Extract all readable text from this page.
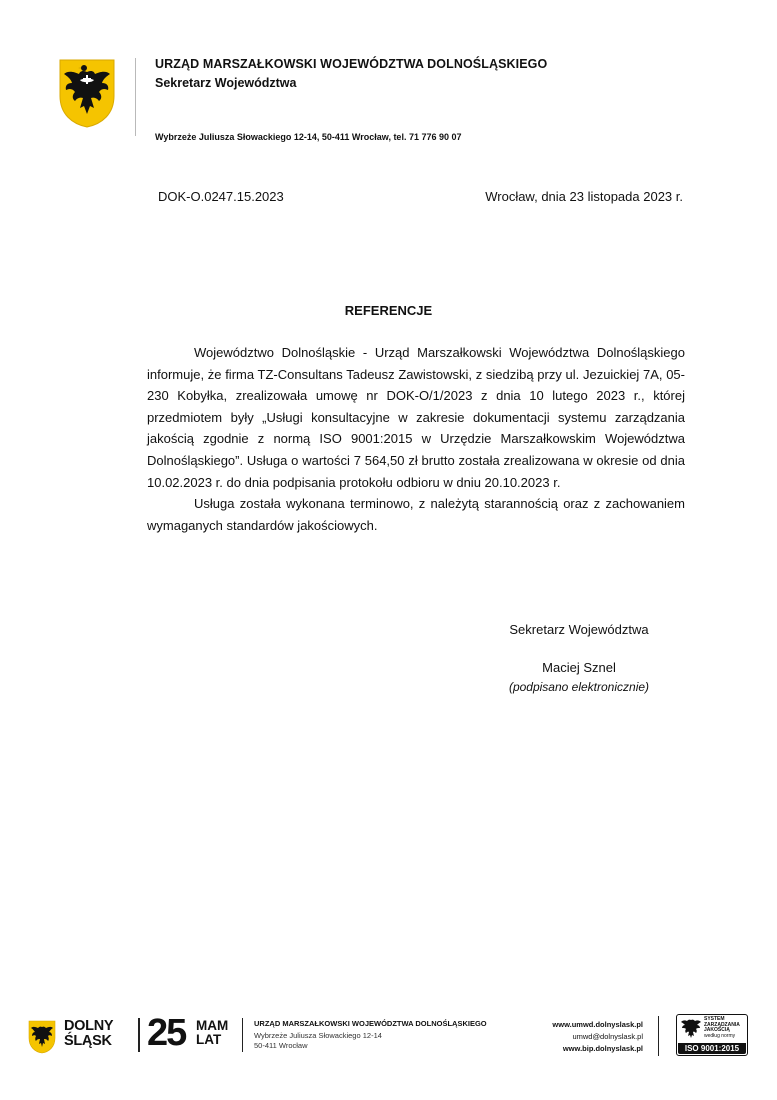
URZĄD MARSZAŁKOWSKI WOJEWÓDZTWA DOLNOŚLĄSKIEGO
Sekretarz Województwa
Wybrzeże Juliusza Słowackiego 12-14, 50-411 Wrocław, tel. 71 776 90 07
DOK-O.0247.15.2023	Wrocław, dnia 23 listopada 2023 r.
REFERENCJE

Województwo Dolnośląskie - Urząd Marszałkowski Województwa Dolnośląskiego informuje, że firma TZ-Consultans Tadeusz Zawistowski, z siedzibą przy ul. Jezuickiej 7A, 05-230 Kobyłka, zrealizowała umowę nr DOK-O/1/2023 z dnia 10 lutego 2023 r., której przedmiotem były „Usługi konsultacyjne w zakresie dokumentacji systemu zarządzania jakością zgodnie z normą ISO 9001:2015 w Urzędzie Marszałkowskim Województwa Dolnośląskiego”. Usługa o wartości 7 564,50 zł brutto została zrealizowana w okresie od dnia 10.02.2023 r. do dnia podpisania protokołu odbioru w dniu 20.10.2023 r.

Usługa została wykonana terminowo, z należytą starannością oraz z zachowaniem wymaganych standardów jakościowych.

Sekretarz Województwa
Maciej Sznel
(podpisano elektronicznie)
DOLNY
ŚLĄSK 25 MAM
LAT
URZĄD MARSZAŁKOWSKI WOJEWÓDZTWA DOLNOŚLĄSKIEGO
Wybrzeże Juliusza Słowackiego 12-14
50-411 Wrocław
www.umwd.dolnyslask.pl
umwd@dolnyslask.pl
www.bip.dolnyslask.pl
SYSTEM
ZARZĄDZANIA
JAKOŚCIĄ
według normy
ISO 9001:2015
